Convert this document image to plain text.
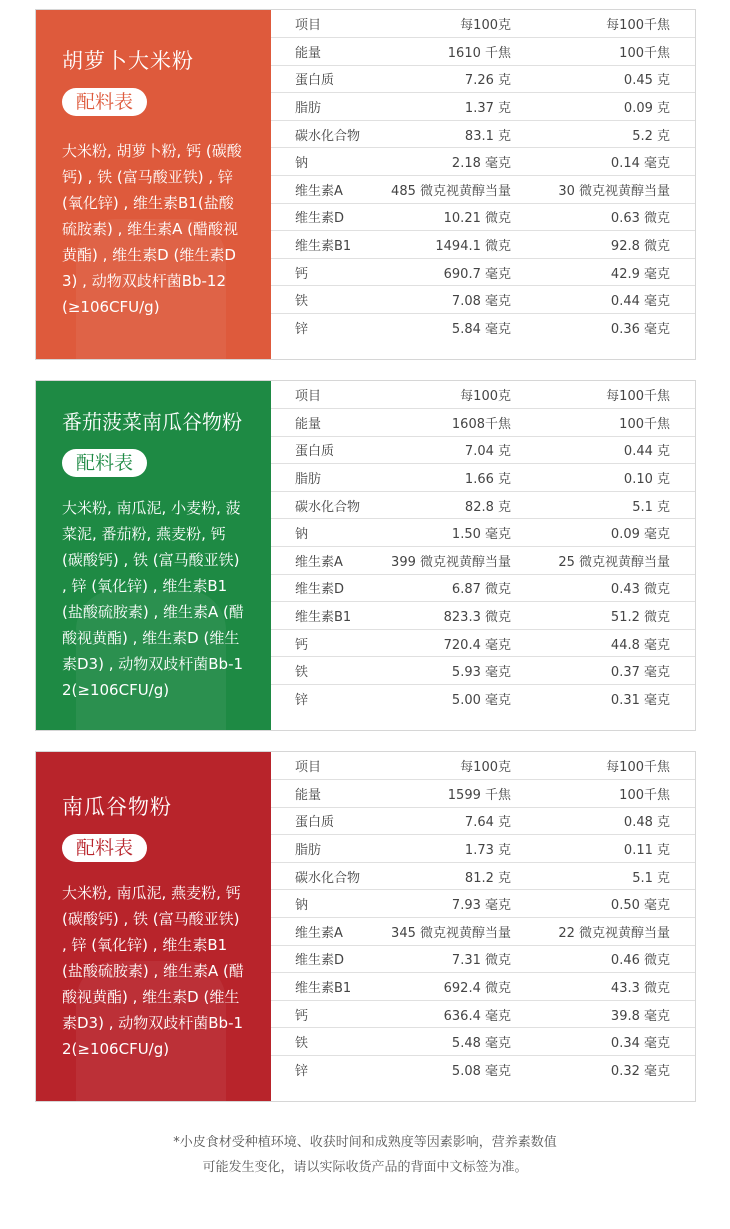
胡萝卜大米粉
配料表
大米粉, 胡萝卜粉, 钙 (碳酸钙) , 铁 (富马酸亚铁) , 锌 (氧化锌) , 维生素B1(盐酸硫胺素) , 维生素A (醋酸视黄酯) , 维生素D (维生素D3) , 动物双歧杆菌Bb-12 (≥106CFU/g)
项目	每100克	每100千焦
能量	1610 千焦	100千焦
蛋白质	7.26 克	0.45 克
脂肪	1.37 克	0.09 克
碳水化合物	83.1 克	5.2 克
钠	2.18 毫克	0.14 毫克
维生素A	485 微克视黄醇当量	30 微克视黄醇当量
维生素D	10.21 微克	0.63 微克
维生素B1	1494.1 微克	92.8 微克
钙	690.7 毫克	42.9 毫克
铁	7.08 毫克	0.44 毫克
锌	5.84 毫克	0.36 毫克
番茄菠菜南瓜谷物粉
配料表
大米粉, 南瓜泥, 小麦粉, 菠菜泥, 番茄粉, 燕麦粉, 钙 (碳酸钙) , 铁 (富马酸亚铁) , 锌 (氧化锌) , 维生素B1 (盐酸硫胺素) , 维生素A (醋酸视黄酯) , 维生素D (维生素D3) , 动物双歧杆菌Bb-12(≥106CFU/g)
项目	每100克	每100千焦
能量	1608千焦	100千焦
蛋白质	7.04 克	0.44 克
脂肪	1.66 克	0.10 克
碳水化合物	82.8 克	5.1 克
钠	1.50 毫克	0.09 毫克
维生素A	399 微克视黄醇当量	25 微克视黄醇当量
维生素D	6.87 微克	0.43 微克
维生素B1	823.3 微克	51.2 微克
钙	720.4 毫克	44.8 毫克
铁	5.93 毫克	0.37 毫克
锌	5.00 毫克	0.31 毫克
南瓜谷物粉
配料表
大米粉, 南瓜泥, 燕麦粉, 钙 (碳酸钙) , 铁 (富马酸亚铁) , 锌 (氧化锌) , 维生素B1 (盐酸硫胺素) , 维生素A (醋酸视黄酯) , 维生素D (维生素D3) , 动物双歧杆菌Bb-12(≥106CFU/g)
项目	每100克	每100千焦
能量	1599 千焦	100千焦
蛋白质	7.64 克	0.48 克
脂肪	1.73 克	0.11 克
碳水化合物	81.2 克	5.1 克
钠	7.93 毫克	0.50 毫克
维生素A	345 微克视黄醇当量	22 微克视黄醇当量
维生素D	7.31 微克	0.46 微克
维生素B1	692.4 微克	43.3 微克
钙	636.4 毫克	39.8 毫克
铁	5.48 毫克	0.34 毫克
锌	5.08 毫克	0.32 毫克
*小皮食材受种植环境、收获时间和成熟度等因素影响，营养素数值
可能发生变化，请以实际收货产品的背面中文标签为准。
